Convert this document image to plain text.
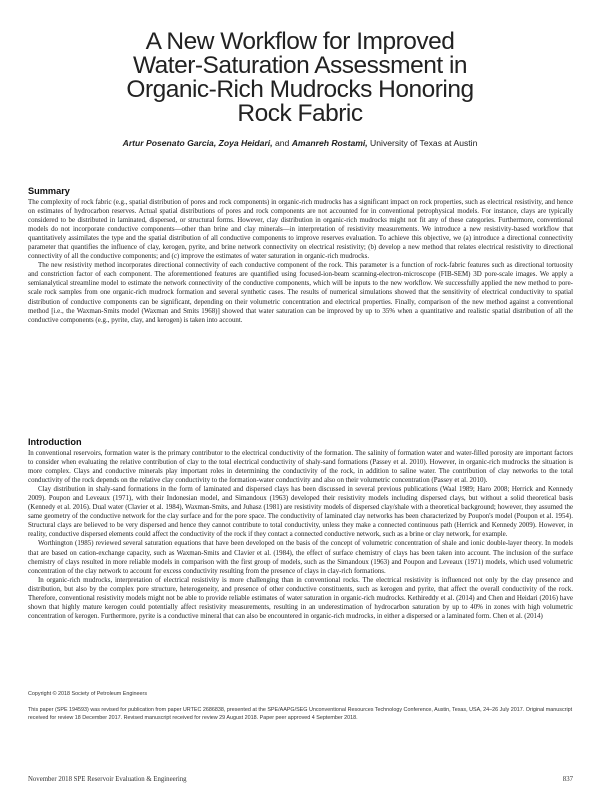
A New Workflow for Improved
Water-Saturation Assessment in
Organic-Rich Mudrocks Honoring
Rock Fabric
Artur Posenato Garcia, Zoya Heidari, and Amanreh Rostami, University of Texas at Austin
Summary

The complexity of rock fabric (e.g., spatial distribution of pores and rock components) in organic-rich mudrocks has a significant impact on rock properties, such as electrical resistivity, and hence on estimates of hydrocarbon reserves. Actual spatial distributions of pores and rock components are not accounted for in conventional petrophysical models. For instance, clays are typically considered to be distributed in laminated, dispersed, or structural forms. However, clay distribution in organic-rich mudrocks might not fit any of these categories. Furthermore, conventional models do not incorporate conductive components—other than brine and clay minerals—in interpretation of resistivity measurements. We introduce a new resistivity-based workflow that quantitatively assimilates the type and the spatial distribution of all conductive components to improve reserves evaluation. To achieve this objective, we (a) introduce a directional connectivity parameter that quantifies the influence of clay, kerogen, pyrite, and brine network connectivity on electrical resistivity; (b) develop a new method that relates electrical resistivity to directional connectivity of all the conductive components; and (c) improve the estimates of water saturation in organic-rich mudrocks.

The new resistivity method incorporates directional connectivity of each conductive component of the rock. This parameter is a function of rock-fabric features such as directional tortuosity and constriction factor of each component. The aforementioned features are quantified using focused-ion-beam scanning-electron-microscope (FIB-SEM) 3D pore-scale images. We apply a semianalytical streamline model to estimate the network connectivity of the conductive components, which will be inputs to the new workflow. We successfully applied the new method to pore-scale rock samples from one organic-rich mudrock formation and several synthetic cases. The results of numerical simulations showed that the sensitivity of electrical conductivity to spatial distribution of conductive components can be significant, depending on their volumetric concentration and electrical properties. Finally, comparison of the new method against a conventional method [i.e., the Waxman-Smits model (Waxman and Smits 1968)] showed that water saturation can be improved by up to 35% when a quantitative and realistic spatial distribution of all the conductive components (e.g., pyrite, clay, and kerogen) is taken into account.

Introduction

In conventional reservoirs, formation water is the primary contributor to the electrical conductivity of the formation. The salinity of formation water and water-filled porosity are important factors to consider when evaluating the relative contribution of clay to the total electrical conductivity of shaly-sand formations (Passey et al. 2010). However, in organic-rich mudrocks the situation is more complex. Clays and conductive minerals play important roles in determining the conductivity of the rock, in addition to saline water. The contribution of clay networks to the total conductivity of the rock depends on the relative clay conductivity to the formation-water conductivity and also on their volumetric concentration (Passey et al. 2010).

Clay distribution in shaly-sand formations in the form of laminated and dispersed clays has been discussed in several previous publications (Waal 1989; Haro 2008; Herrick and Kennedy 2009). Poupon and Leveaux (1971), with their Indonesian model, and Simandoux (1963) developed their resistivity models including dispersed clays, but without a solid theoretical basis (Kennedy et al. 2016). Dual water (Clavier et al. 1984), Waxman-Smits, and Juhasz (1981) are resistivity models of dispersed clay/shale with a theoretical background; however, they assumed the same geometry of the conductive network for the clay surface and for the pore space. The conductivity of laminated clay networks has been characterized by Poupon's model (Poupon et al. 1954). Structural clays are believed to be very dispersed and hence they cannot contribute to total conductivity, unless they make a connected continuous path (Herrick and Kennedy 2009). However, in reality, conductive dispersed elements could affect the conductivity of the rock if they contact a connected conductive network, such as a brine or clay network, for example.

Worthington (1985) reviewed several saturation equations that have been developed on the basis of the concept of volumetric concentration of shale and ionic double-layer theory. In models that are based on cation-exchange capacity, such as Waxman-Smits and Clavier et al. (1984), the effect of surface chemistry of clays has been taken into account. The inclusion of the surface chemistry of clays resulted in more reliable models in comparison with the first group of models, such as the Simandoux (1963) and Poupon and Leveaux (1971) models, which used volumetric concentration of the clay network to account for excess conductivity resulting from the presence of clays in clay-rich formations.

In organic-rich mudrocks, interpretation of electrical resistivity is more challenging than in conventional rocks. The electrical resistivity is influenced not only by the clay presence and distribution, but also by the complex pore structure, heterogeneity, and presence of other conductive constituents, such as kerogen and pyrite, that affect the overall conductivity of the rock. Therefore, conventional resistivity models might not be able to provide reliable estimates of water saturation in organic-rich mudrocks. Kethireddy et al. (2014) and Chen and Heidari (2016) have shown that highly mature kerogen could potentially affect resistivity measurements, resulting in an underestimation of hydrocarbon saturation by up to 40% in zones with high volumetric concentration of kerogen. Furthermore, pyrite is a conductive mineral that can also be encountered in organic-rich mudrocks, in either a dispersed or a laminated form. Chen et al. (2014)

Copyright © 2018 Society of Petroleum Engineers

This paper (SPE 194593) was revised for publication from paper URTEC 2686838, presented at the SPE/AAPG/SEG Unconventional Resources Technology Conference, Austin, Texas, USA, 24–26 July 2017. Original manuscript received for review 18 December 2017. Revised manuscript received for review 29 August 2018. Paper peer approved 4 September 2018.

November 2018 SPE Reservoir Evaluation & Engineering	837
